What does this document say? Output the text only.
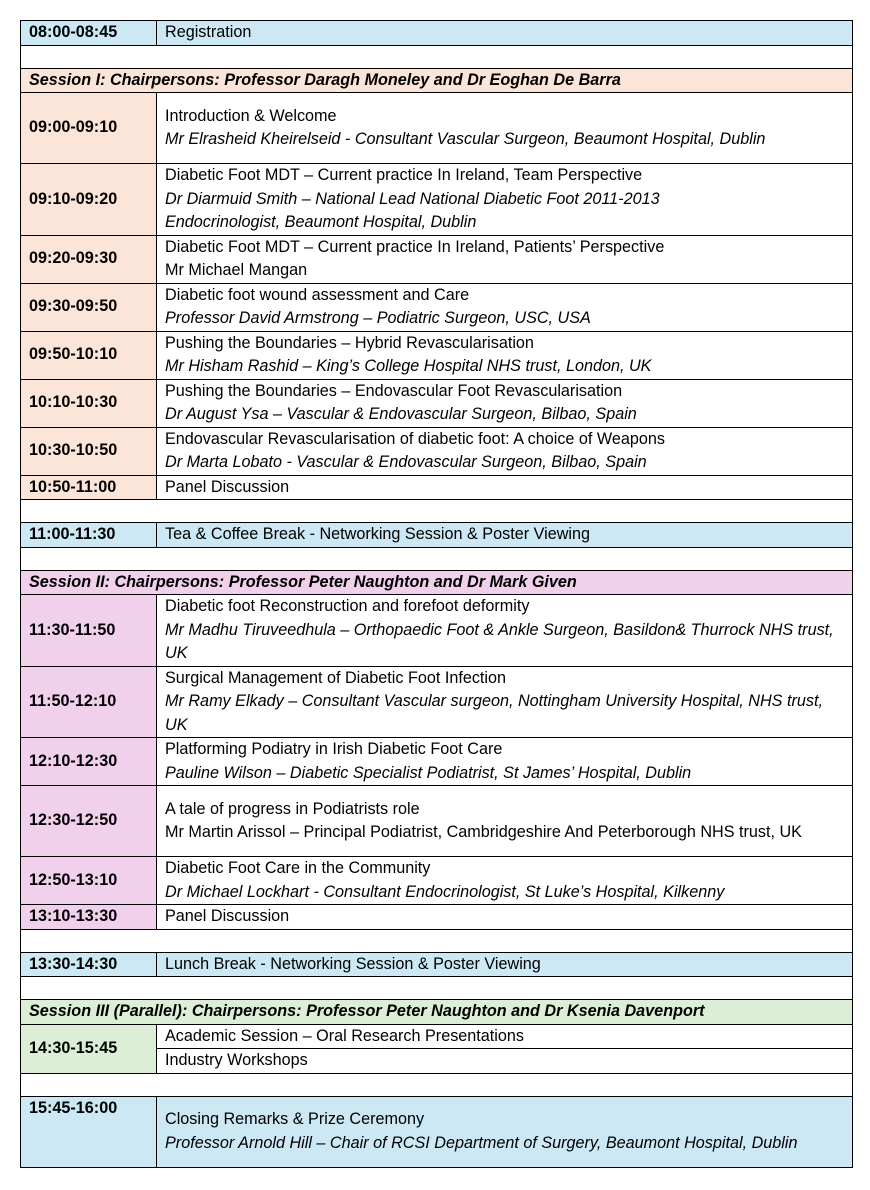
08:00-08:45	Registration

Session I: Chairpersons: Professor Daragh Moneley and Dr Eoghan De Barra	
09:00-09:10	Introduction & Welcome
Mr Elrasheid Kheirelseid - Consultant Vascular Surgeon, Beaumont Hospital, Dublin

09:10-09:20	Diabetic Foot MDT – Current practice In Ireland, Team Perspective
Dr Diarmuid Smith – National Lead National Diabetic Foot 2011-2013 Endocrinologist, Beaumont Hospital, Dublin

09:20-09:30	Diabetic Foot MDT – Current practice In Ireland, Patients’ Perspective
Mr Michael Mangan

09:30-09:50	Diabetic foot wound assessment and Care
Professor David Armstrong – Podiatric Surgeon, USC, USA

09:50-10:10	Pushing the Boundaries – Hybrid Revascularisation
Mr Hisham Rashid – King’s College Hospital NHS trust, London, UK

10:10-10:30	Pushing the Boundaries – Endovascular Foot Revascularisation
Dr August Ysa – Vascular & Endovascular Surgeon, Bilbao, Spain

10:30-10:50	Endovascular Revascularisation of diabetic foot: A choice of Weapons
Dr Marta Lobato - Vascular & Endovascular Surgeon, Bilbao, Spain

10:50-11:00	Panel Discussion

11:00-11:30	Tea & Coffee Break - Networking Session & Poster Viewing

Session II: Chairpersons: Professor Peter Naughton and Dr Mark Given	
11:30-11:50	Diabetic foot Reconstruction and forefoot deformity
Mr Madhu Tiruveedhula – Orthopaedic Foot & Ankle Surgeon, Basildon& Thurrock NHS trust, UK

11:50-12:10	Surgical Management of Diabetic Foot Infection
Mr Ramy Elkady – Consultant Vascular surgeon, Nottingham University Hospital, NHS trust, UK

12:10-12:30	Platforming Podiatry in Irish Diabetic Foot Care
Pauline Wilson – Diabetic Specialist Podiatrist, St James’ Hospital, Dublin

12:30-12:50	A tale of progress in Podiatrists role
Mr Martin Arissol – Principal Podiatrist, Cambridgeshire And Peterborough NHS trust, UK

12:50-13:10	Diabetic Foot Care in the Community
Dr Michael Lockhart - Consultant Endocrinologist, St Luke’s Hospital, Kilkenny

13:10-13:30	Panel Discussion

13:30-14:30	Lunch Break - Networking Session & Poster Viewing

Session III (Parallel): Chairpersons: Professor Peter Naughton and Dr Ksenia Davenport	
14:30-15:45	Academic Session – Oral Research Presentations
	Industry Workshops

15:45-16:00	Closing Remarks & Prize Ceremony
Professor Arnold Hill – Chair of RCSI Department of Surgery, Beaumont Hospital, Dublin
